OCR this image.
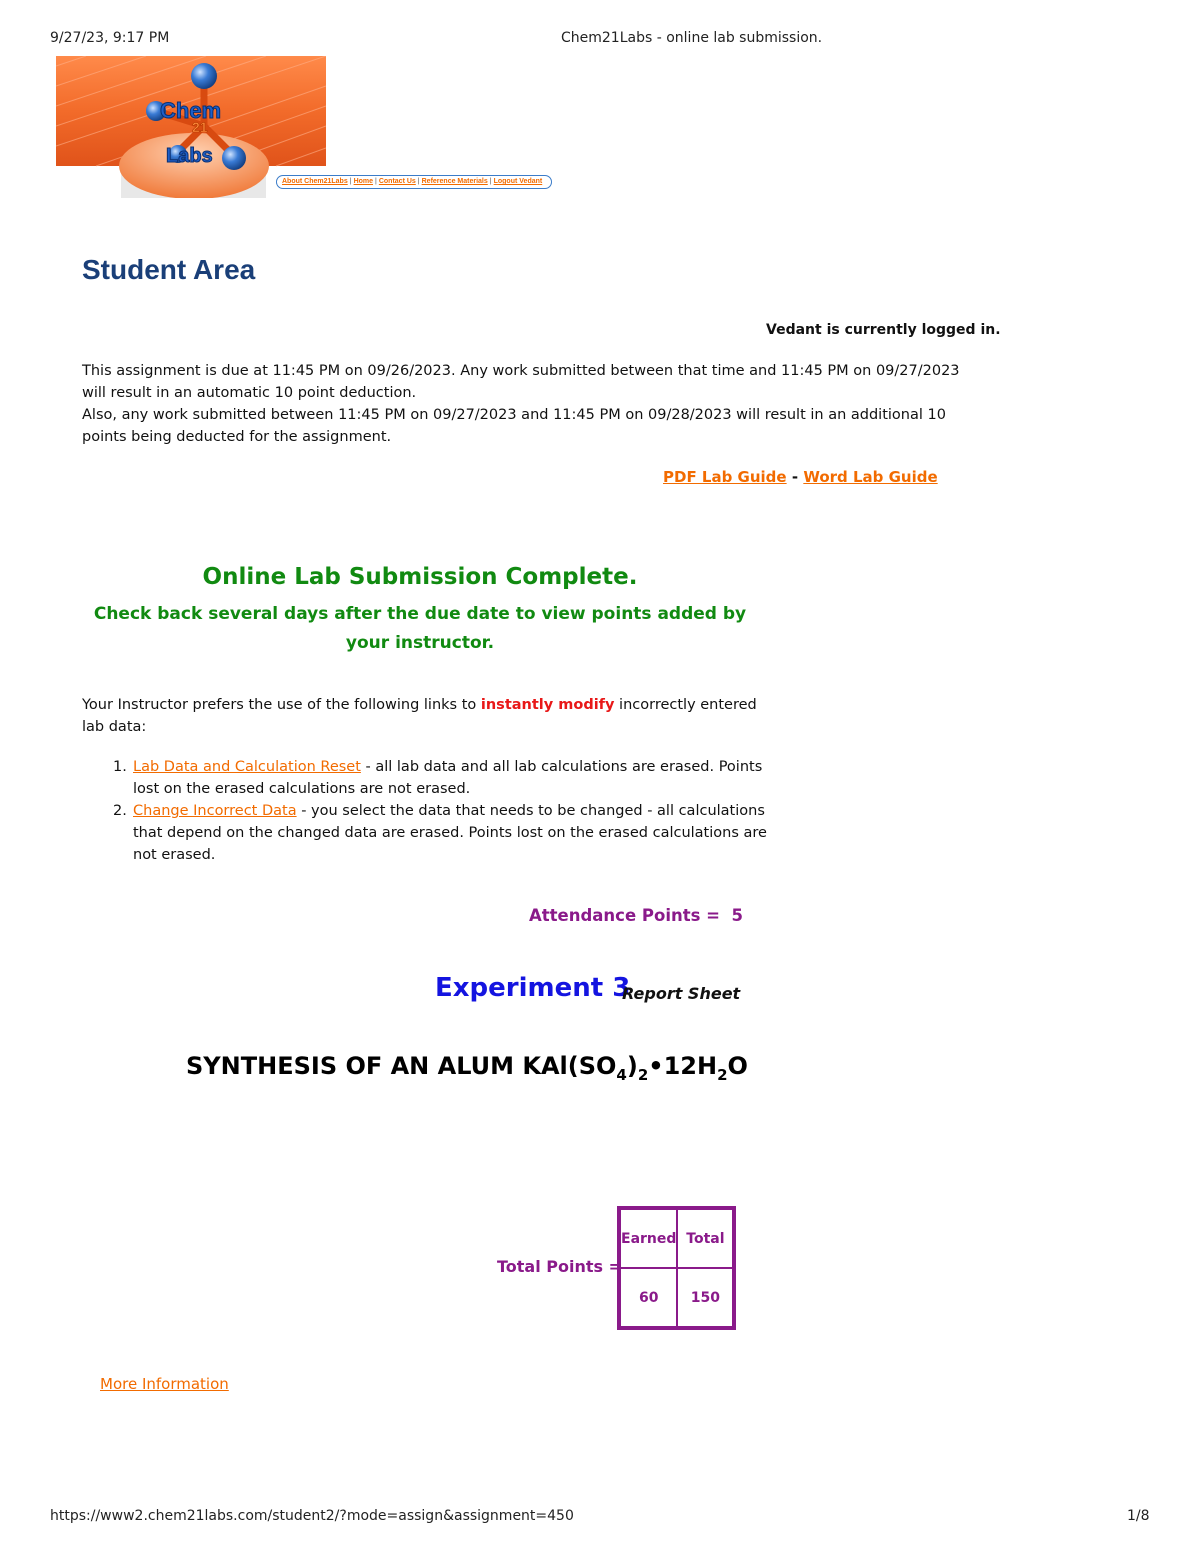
9/27/23, 9:17 PM	Chem21Labs - online lab submission.
Chem
21
Labs
About Chem21Labs | Home | Contact Us | Reference Materials | Logout Vedant
Student Area
Vedant is currently logged in.
This assignment is due at 11:45 PM on 09/26/2023. Any work submitted between that time and 11:45 PM on 09/27/2023 will result in an automatic 10 point deduction.
Also, any work submitted between 11:45 PM on 09/27/2023 and 11:45 PM on 09/28/2023 will result in an additional 10 points being deducted for the assignment.
PDF Lab Guide - Word Lab Guide
Online Lab Submission Complete.
Check back several days after the due date to view points added by your instructor.
Your Instructor prefers the use of the following links to instantly modify incorrectly entered lab data:
1. Lab Data and Calculation Reset - all lab data and all lab calculations are erased. Points lost on the erased calculations are not erased.
2. Change Incorrect Data - you select the data that needs to be changed - all calculations that depend on the changed data are erased. Points lost on the erased calculations are not erased.
Attendance Points = 5
Experiment 3
Report Sheet
SYNTHESIS OF AN ALUM $KAl(SO_4)_2•12H_2O$
Total Points =
Earned	Total
60	150
More Information
https://www2.chem21labs.com/student2/?mode=assign&assignment=450	1/8
